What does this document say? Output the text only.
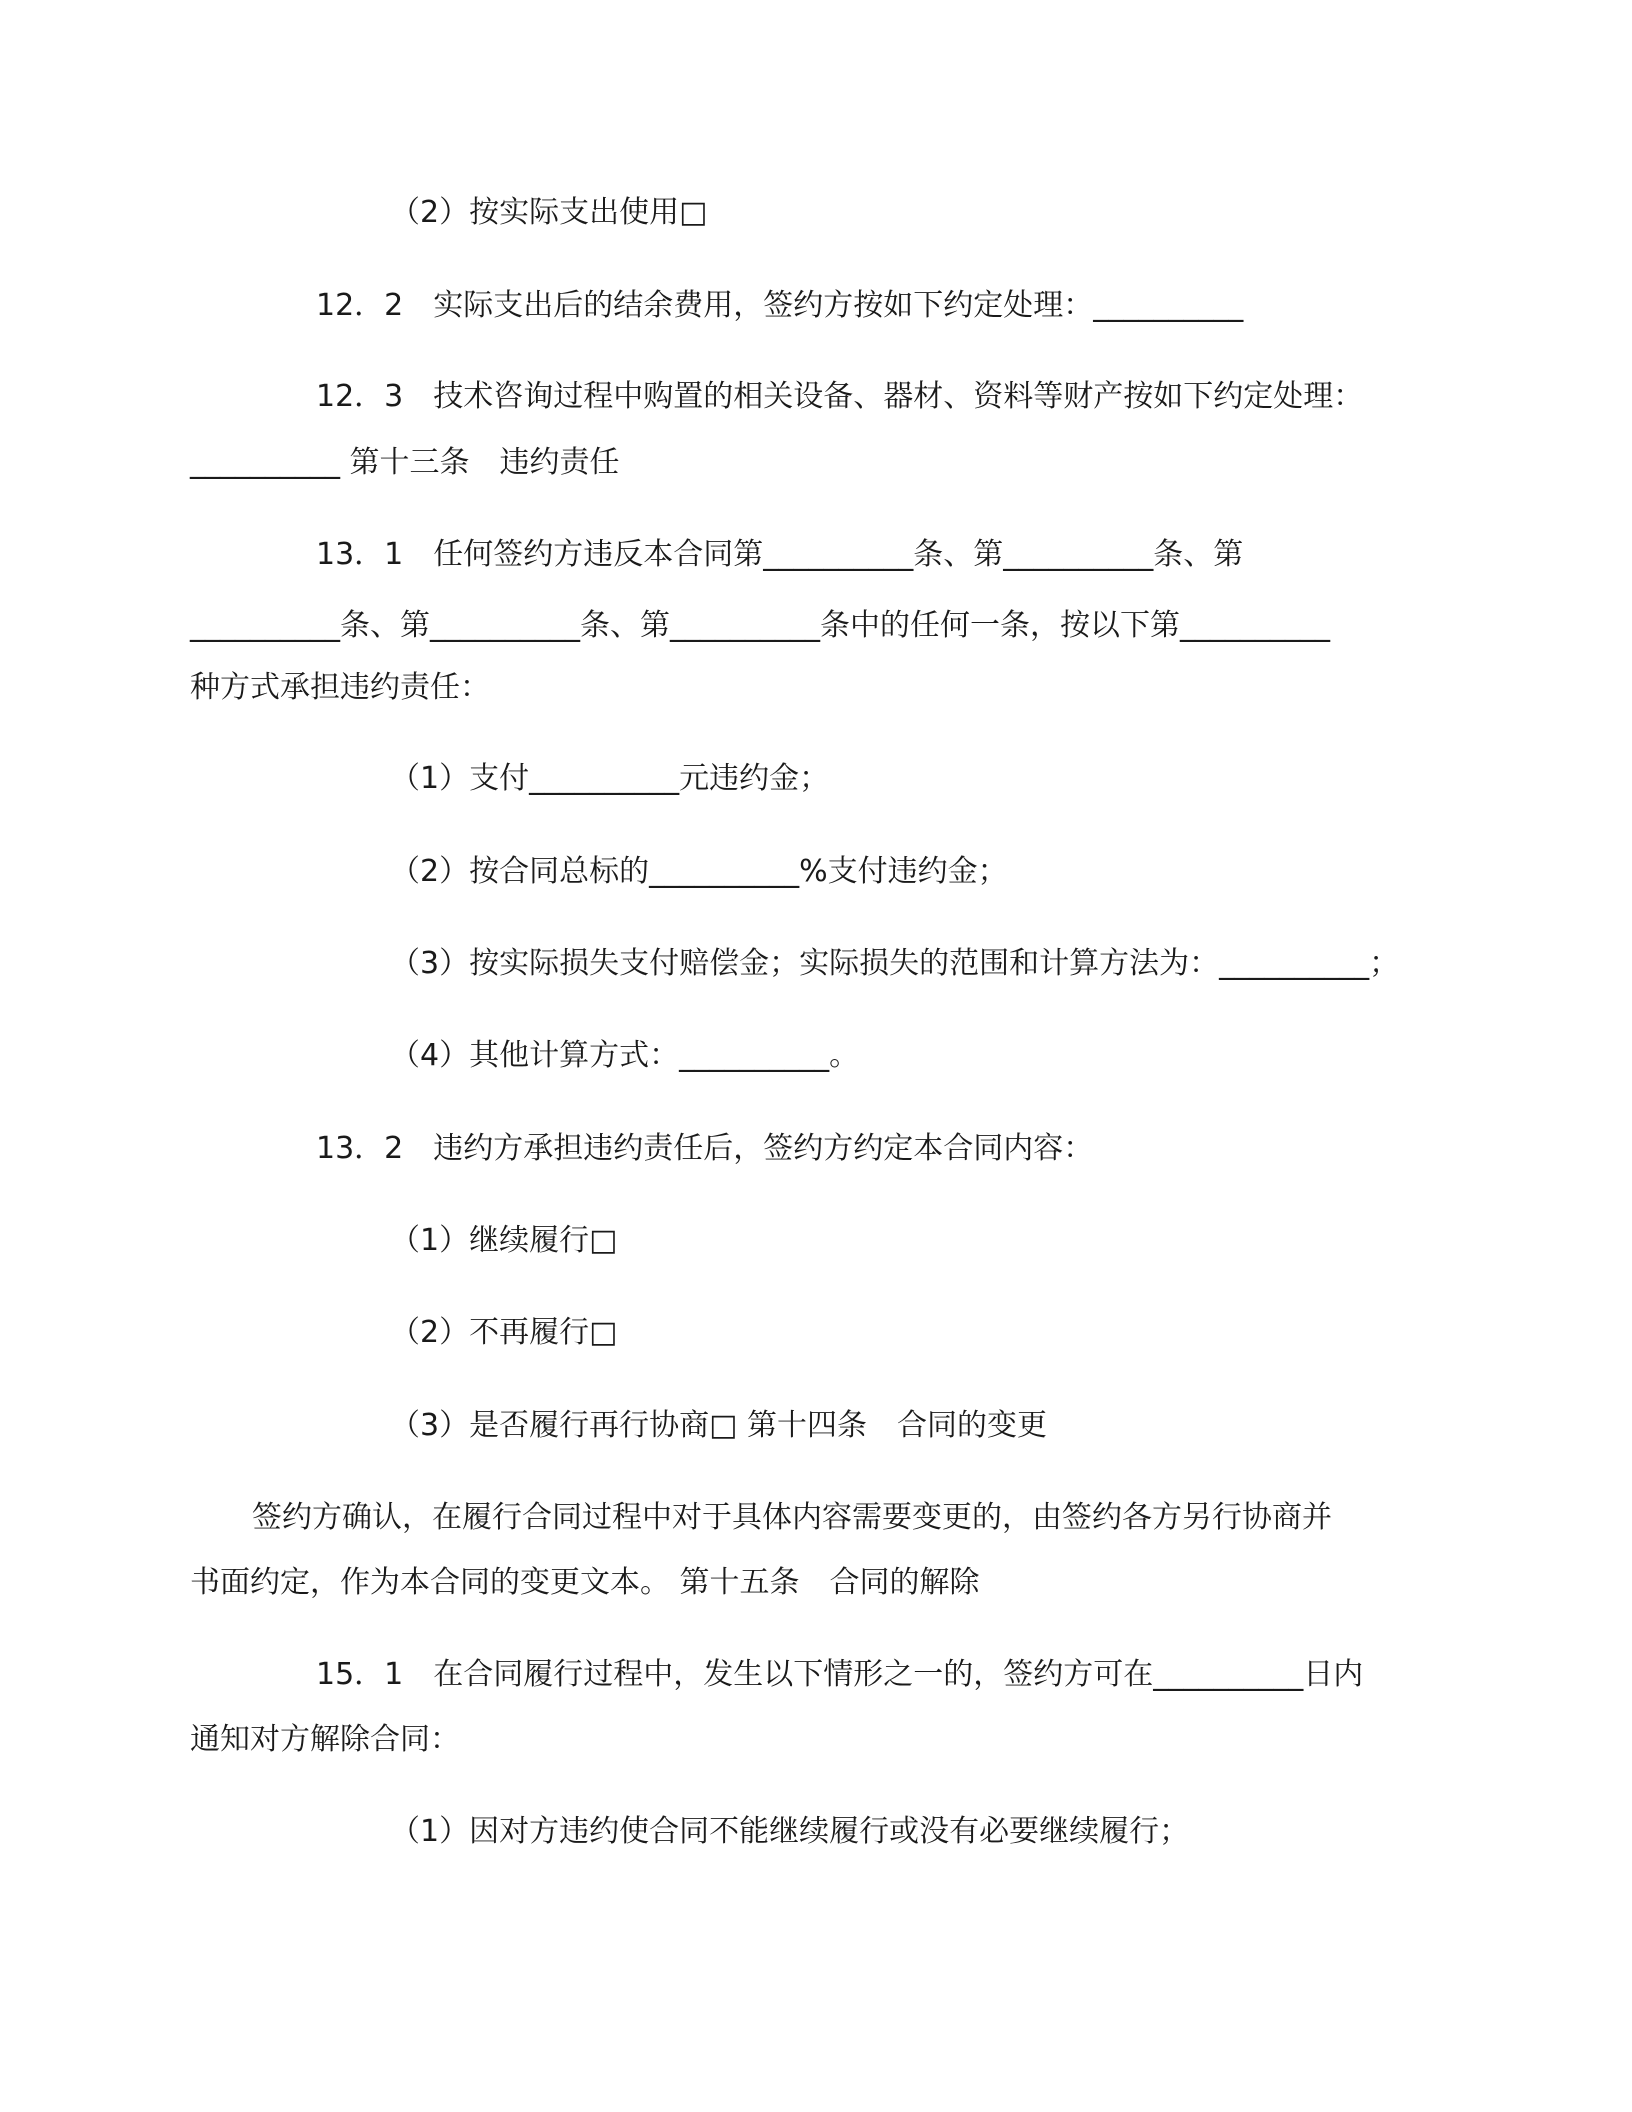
（2）按实际支出使用□
12．2　实际支出后的结余费用，签约方按如下约定处理：__________
12．3　技术咨询过程中购置的相关设备、器材、资料等财产按如下约定处理：
__________ 第十三条　违约责任
13．1　任何签约方违反本合同第__________条、第__________条、第
__________条、第__________条、第__________条中的任何一条，按以下第__________
种方式承担违约责任：
（1）支付__________元违约金；
（2）按合同总标的__________%支付违约金；
（3）按实际损失支付赔偿金；实际损失的范围和计算方法为：__________；
（4）其他计算方式：__________。
13．2　违约方承担违约责任后，签约方约定本合同内容：
（1）继续履行□
（2）不再履行□
（3）是否履行再行协商□ 第十四条　合同的变更
签约方确认，在履行合同过程中对于具体内容需要变更的，由签约各方另行协商并
书面约定，作为本合同的变更文本。 第十五条　合同的解除
15．1　在合同履行过程中，发生以下情形之一的，签约方可在__________日内
通知对方解除合同：
（1）因对方违约使合同不能继续履行或没有必要继续履行；
